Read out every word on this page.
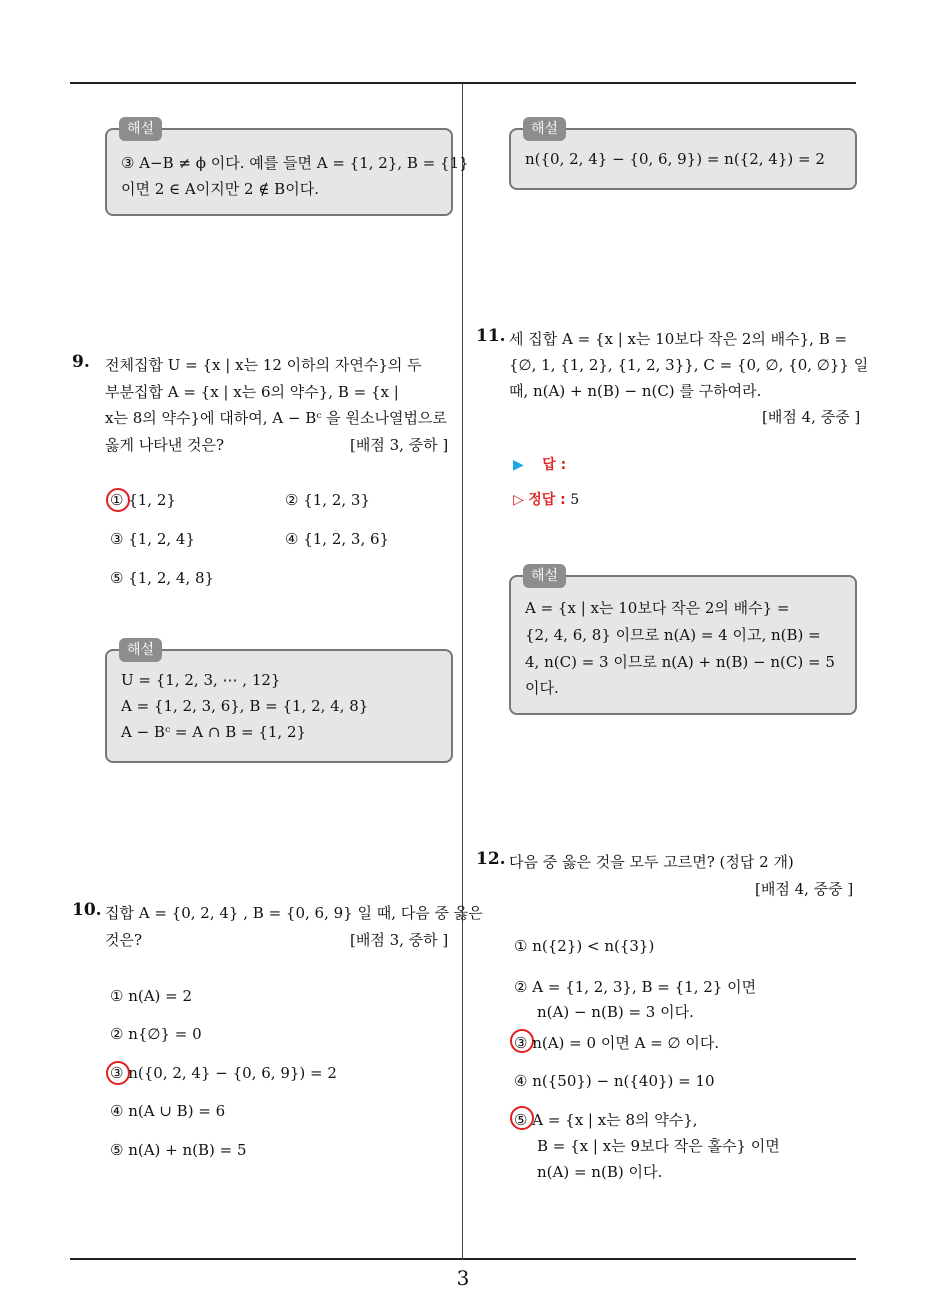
3
해설
③ A−B ≠ ϕ 이다. 예를 들면 A = {1, 2}, B = {1}
이면 2 ∈ A이지만 2 ∉ B이다.
9. 전체집합 U = {x | x는 12 이하의 자연수}의 두
부분집합 A = {x | x는 6의 약수}, B = {x |
x는 8의 약수}에 대하여, A − Bᶜ 을 원소나열법으로
옳게 나타낸 것은?	[배점 3, 중하 ]
① {1, 2}	② {1, 2, 3}
③ {1, 2, 4}	④ {1, 2, 3, 6}
⑤ {1, 2, 4, 8}
해설
U = {1, 2, 3, ⋯ , 12}
A = {1, 2, 3, 6}, B = {1, 2, 4, 8}
A − Bᶜ = A ∩ B = {1, 2}
10. 집합 A = {0, 2, 4} , B = {0, 6, 9} 일 때, 다음 중 옳은
것은?	[배점 3, 중하 ]
① n(A) = 2
② n{∅} = 0
③ n({0, 2, 4} − {0, 6, 9}) = 2
④ n(A ∪ B) = 6
⑤ n(A) + n(B) = 5
해설
n({0, 2, 4} − {0, 6, 9}) = n({2, 4}) = 2
11. 세 집합 A = {x | x는 10보다 작은 2의 배수}, B =
{∅, 1, {1, 2}, {1, 2, 3}}, C = {0, ∅, {0, ∅}} 일
때, n(A) + n(B) − n(C) 를 구하여라.
[배점 4, 중중 ]
▶ 답 :
▷ 정답 : 5
해설
A = {x | x는 10보다 작은 2의 배수} =
{2, 4, 6, 8} 이므로 n(A) = 4 이고, n(B) =
4, n(C) = 3 이므로 n(A) + n(B) − n(C) = 5
이다.
12. 다음 중 옳은 것을 모두 고르면? (정답 2 개)
[배점 4, 중중 ]
① n({2}) < n({3})
② A = {1, 2, 3}, B = {1, 2} 이면
n(A) − n(B) = 3 이다.
③ n(A) = 0 이면 A = ∅ 이다.
④ n({50}) − n({40}) = 10
⑤ A = {x | x는 8의 약수},
B = {x | x는 9보다 작은 홀수} 이면
n(A) = n(B) 이다.
